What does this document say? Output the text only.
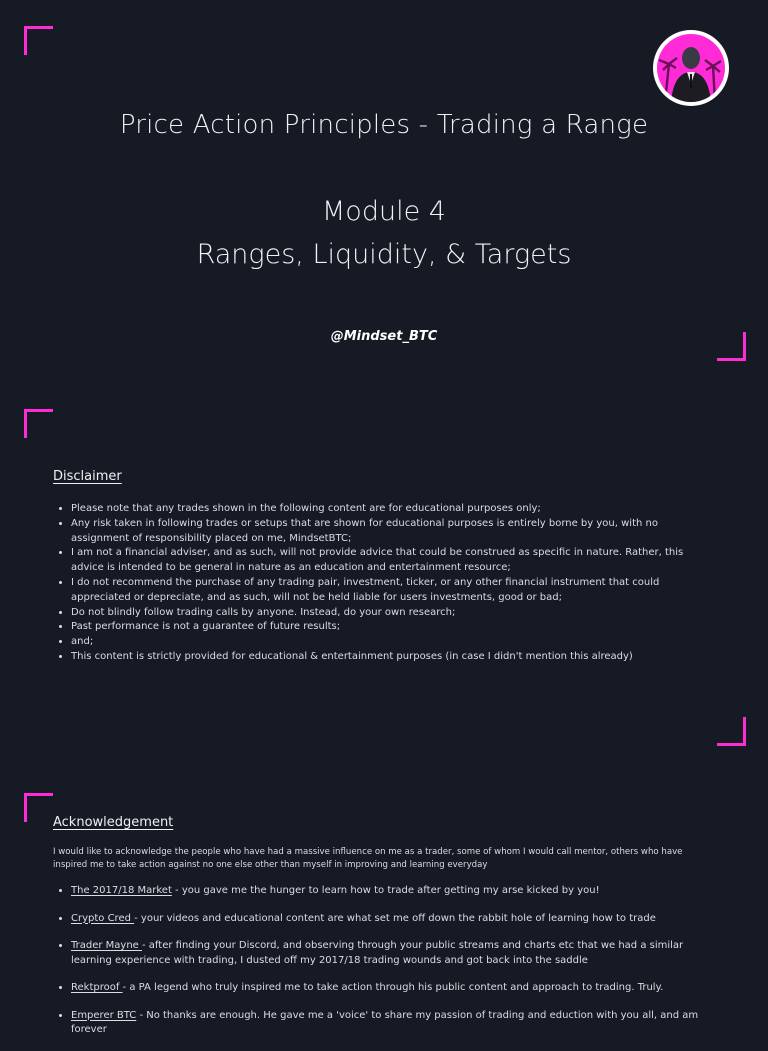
Price Action Principles - Trading a Range
Module 4
Ranges, Liquidity, & Targets
@Mindset_BTC
Disclaimer
• Please note that any trades shown in the following content are for educational purposes only;
• Any risk taken in following trades or setups that are shown for educational purposes is entirely borne by you, with no assignment of responsibility placed on me, MindsetBTC;
• I am not a financial adviser, and as such, will not provide advice that could be construed as specific in nature. Rather, this advice is intended to be general in nature as an education and entertainment resource;
• I do not recommend the purchase of any trading pair, investment, ticker, or any other financial instrument that could appreciated or depreciate, and as such, will not be held liable for users investments, good or bad;
• Do not blindly follow trading calls by anyone. Instead, do your own research;
• Past performance is not a guarantee of future results;
• and;
• This content is strictly provided for educational & entertainment purposes (in case I didn't mention this already)
Acknowledgement

I would like to acknowledge the people who have had a massive influence on me as a trader, some of whom I would call mentor, others who have inspired me to take action against no one else other than myself in improving and learning everyday

• The 2017/18 Market - you gave me the hunger to learn how to trade after getting my arse kicked by you!
• Crypto Cred - your videos and educational content are what set me off down the rabbit hole of learning how to trade
• Trader Mayne - after finding your Discord, and observing through your public streams and charts etc that we had a similar learning experience with trading, I dusted off my 2017/18 trading wounds and got back into the saddle
• Rektproof - a PA legend who truly inspired me to take action through his public content and approach to trading. Truly.
• Emperer BTC - No thanks are enough. He gave me a 'voice' to share my passion of trading and eduction with you all, and am forever
